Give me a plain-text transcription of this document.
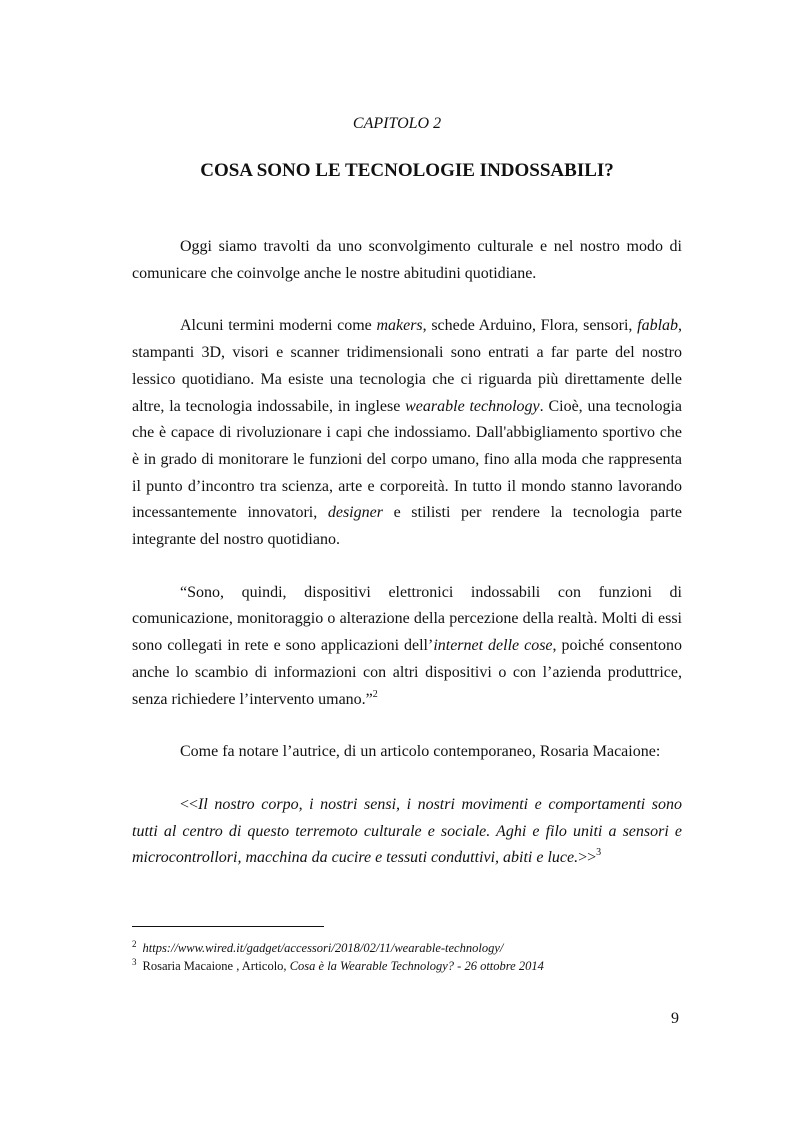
CAPITOLO 2
COSA SONO LE TECNOLOGIE INDOSSABILI?

Oggi siamo travolti da uno sconvolgimento culturale e nel nostro modo di comunicare che coinvolge anche le nostre abitudini quotidiane.

Alcuni termini moderni come makers, schede Arduino, Flora, sensori, fablab, stampanti 3D, visori e scanner tridimensionali sono entrati a far parte del nostro lessico quotidiano. Ma esiste una tecnologia che ci riguarda più direttamente delle altre, la tecnologia indossabile, in inglese wearable technology. Cioè, una tecnologia che è capace di rivoluzionare i capi che indossiamo. Dall'abbigliamento sportivo che è in grado di monitorare le funzioni del corpo umano, fino alla moda che rappresenta il punto d’incontro tra scienza, arte e corporeità. In tutto il mondo stanno lavorando incessantemente innovatori, designer e stilisti per rendere la tecnologia parte integrante del nostro quotidiano.

“Sono, quindi, dispositivi elettronici indossabili con funzioni di comunicazione, monitoraggio o alterazione della percezione della realtà. Molti di essi sono collegati in rete e sono applicazioni dell’internet delle cose, poiché consentono anche lo scambio di informazioni con altri dispositivi o con l’azienda produttrice, senza richiedere l’intervento umano.”$^2$

Come fa notare l’autrice, di un articolo contemporaneo, Rosaria Macaione:

<<Il nostro corpo, i nostri sensi, i nostri movimenti e comportamenti sono tutti al centro di questo terremoto culturale e sociale. Aghi e filo uniti a sensori e microcontrollori, macchina da cucire e tessuti conduttivi, abiti e luce.>>$^3$

2 https://www.wired.it/gadget/accessori/2018/02/11/wearable-technology/
3 Rosaria Macaione , Articolo, Cosa è la Wearable Technology? - 26 ottobre 2014
9
